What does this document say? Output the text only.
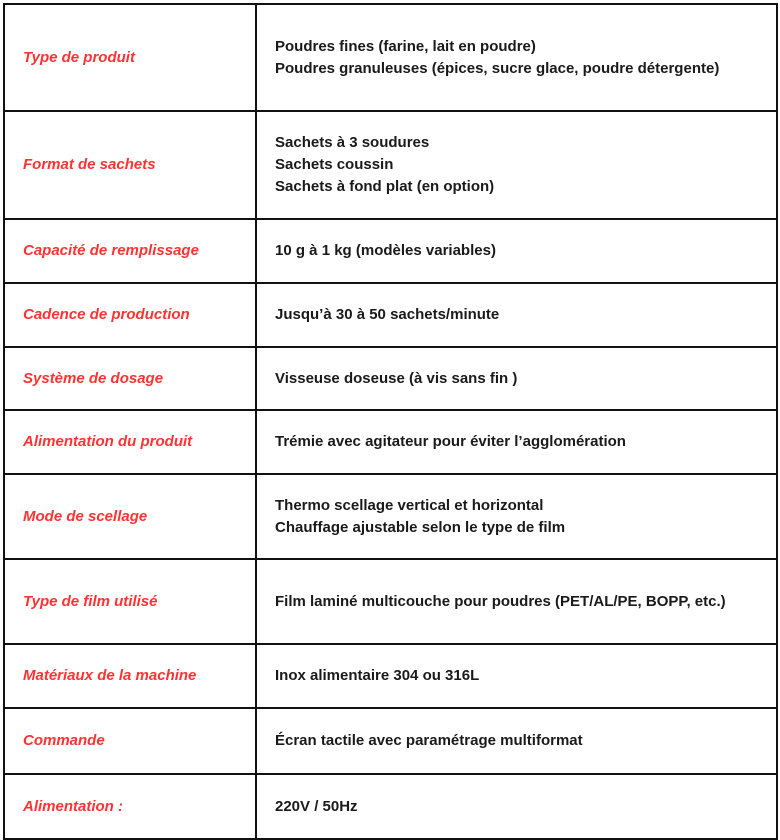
Type de produit	Poudres fines (farine, lait en poudre)
Poudres granuleuses (épices, sucre glace, poudre détergente)

Format de sachets	Sachets à 3 soudures
Sachets coussin
Sachets à fond plat (en option)

Capacité de remplissage	10 g à 1 kg (modèles variables)

Cadence de production	Jusqu’à 30 à 50 sachets/minute

Système de dosage	Visseuse doseuse (à vis sans fin )

Alimentation du produit	Trémie avec agitateur pour éviter l’agglomération

Mode de scellage	Thermo scellage vertical et horizontal
Chauffage ajustable selon le type de film

Type de film utilisé	Film laminé multicouche pour poudres (PET/AL/PE, BOPP, etc.)

Matériaux de la machine	Inox alimentaire 304 ou 316L

Commande	Écran tactile avec paramétrage multiformat

Alimentation :	220V / 50Hz
